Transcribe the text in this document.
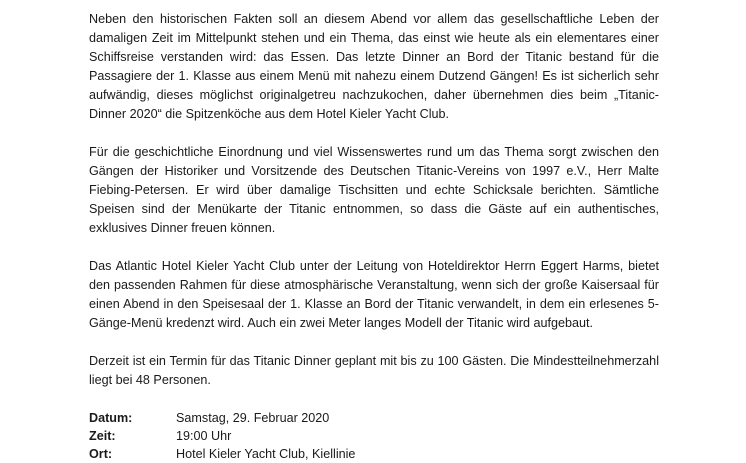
Neben den historischen Fakten soll an diesem Abend vor allem das gesellschaftliche Leben der damaligen Zeit im Mittelpunkt stehen und ein Thema, das einst wie heute als ein elementares einer Schiffsreise verstanden wird: das Essen. Das letzte Dinner an Bord der Titanic bestand für die Passagiere der 1. Klasse aus einem Menü mit nahezu einem Dutzend Gängen! Es ist sicherlich sehr aufwändig, dieses möglichst originalgetreu nachzukochen, daher übernehmen dies beim „Titanic-Dinner 2020“ die Spitzenköche aus dem Hotel Kieler Yacht Club.

Für die geschichtliche Einordnung und viel Wissenswertes rund um das Thema sorgt zwischen den Gängen der Historiker und Vorsitzende des Deutschen Titanic-Vereins von 1997 e.V., Herr Malte Fiebing-Petersen. Er wird über damalige Tischsitten und echte Schicksale berichten. Sämtliche Speisen sind der Menükarte der Titanic entnommen, so dass die Gäste auf ein authentisches, exklusives Dinner freuen können.

Das Atlantic Hotel Kieler Yacht Club unter der Leitung von Hoteldirektor Herrn Eggert Harms, bietet den passenden Rahmen für diese atmosphärische Veranstaltung, wenn sich der große Kaisersaal für einen Abend in den Speisesaal der 1. Klasse an Bord der Titanic verwandelt, in dem ein erlesenes 5-Gänge-Menü kredenzt wird. Auch ein zwei Meter langes Modell der Titanic wird aufgebaut.

Derzeit ist ein Termin für das Titanic Dinner geplant mit bis zu 100 Gästen. Die Mindestteilnehmerzahl liegt bei 48 Personen.

Datum:	Samstag, 29. Februar 2020
Zeit:	19:00 Uhr
Ort:	Hotel Kieler Yacht Club, Kiellinie
